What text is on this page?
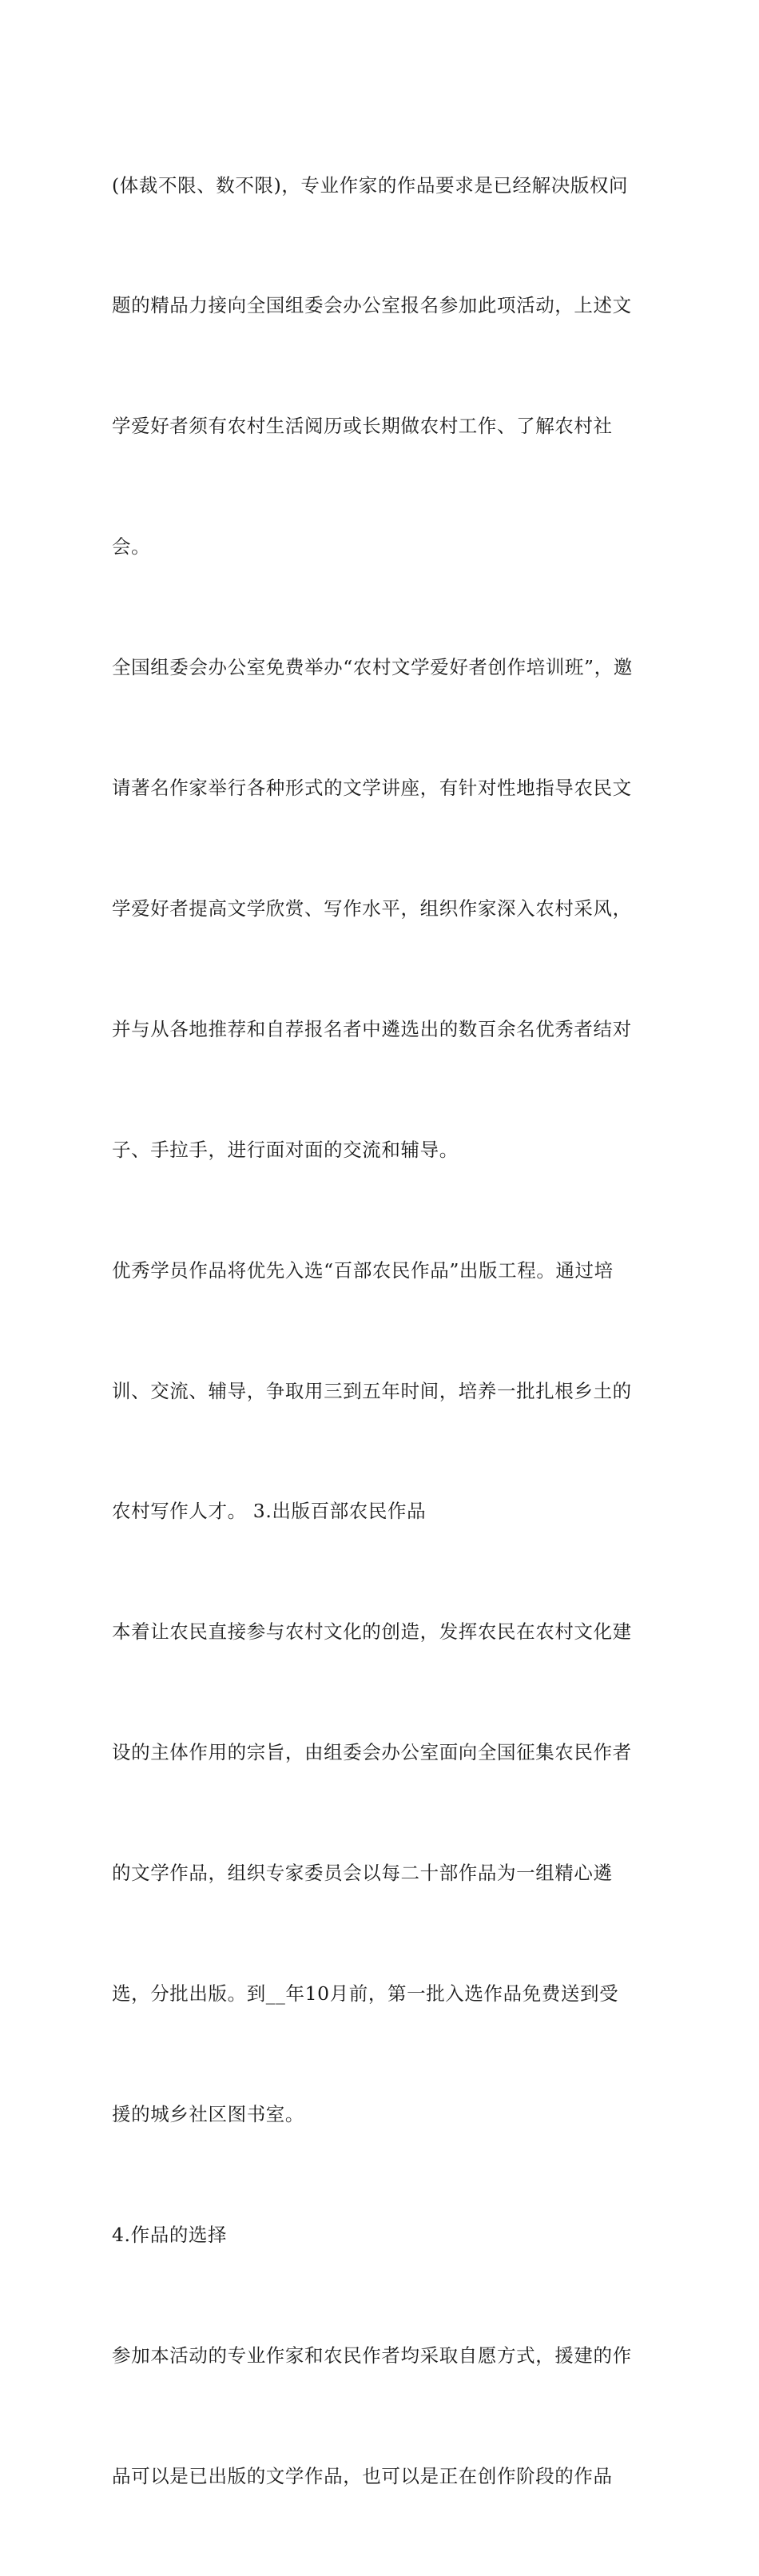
(体裁不限、数不限)，专业作家的作品要求是已经解决版权问

题的精品力接向全国组委会办公室报名参加此项活动，上述文

学爱好者须有农村生活阅历或长期做农村工作、了解农村社

会。

全国组委会办公室免费举办“农村文学爱好者创作培训班”，邀

请著名作家举行各种形式的文学讲座，有针对性地指导农民文

学爱好者提高文学欣赏、写作水平，组织作家深入农村采风，

并与从各地推荐和自荐报名者中遴选出的数百余名优秀者结对

子、手拉手，进行面对面的交流和辅导。

优秀学员作品将优先入选“百部农民作品”出版工程。通过培

训、交流、辅导，争取用三到五年时间，培养一批扎根乡土的

农村写作人才。 3.出版百部农民作品

本着让农民直接参与农村文化的创造，发挥农民在农村文化建

设的主体作用的宗旨，由组委会办公室面向全国征集农民作者

的文学作品，组织专家委员会以每二十部作品为一组精心遴

选，分批出版。到__年10月前，第一批入选作品免费送到受

援的城乡社区图书室。

4.作品的选择

参加本活动的专业作家和农民作者均采取自愿方式，援建的作

品可以是已出版的文学作品，也可以是正在创作阶段的作品
